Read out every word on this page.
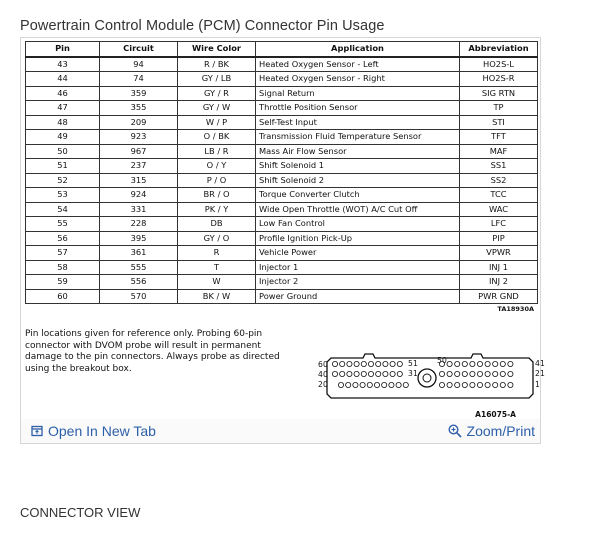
Powertrain Control Module (PCM) Connector Pin Usage
Pin	Circuit	Wire Color	Application	Abbreviation
43	94	R / BK	Heated Oxygen Sensor - Left	HO2S-L
44	74	GY / LB	Heated Oxygen Sensor - Right	HO2S-R
46	359	GY / R	Signal Return	SIG RTN
47	355	GY / W	Throttle Position Sensor	TP
48	209	W / P	Self-Test Input	STI
49	923	O / BK	Transmission Fluid Temperature Sensor	TFT
50	967	LB / R	Mass Air Flow Sensor	MAF
51	237	O / Y	Shift Solenoid 1	SS1
52	315	P / O	Shift Solenoid 2	SS2
53	924	BR / O	Torque Converter Clutch	TCC
54	331	PK / Y	Wide Open Throttle (WOT) A/C Cut Off	WAC
55	228	DB	Low Fan Control	LFC
56	395	GY / O	Profile Ignition Pick-Up	PIP
57	361	R	Vehicle Power	VPWR
58	555	T	Injector 1	INJ 1
59	556	W	Injector 2	INJ 2
60	570	BK / W	Power Ground	PWR GND
TA18930A
Pin locations given for reference only. Probing 60-pin connector with DVOM probe will result in permanent damage to the pin connectors. Always probe as directed using the breakout box.	60
40
20
41
21
1
51
31
50
A16075-A
Open In New Tab	Zoom/Print
CONNECTOR VIEW
